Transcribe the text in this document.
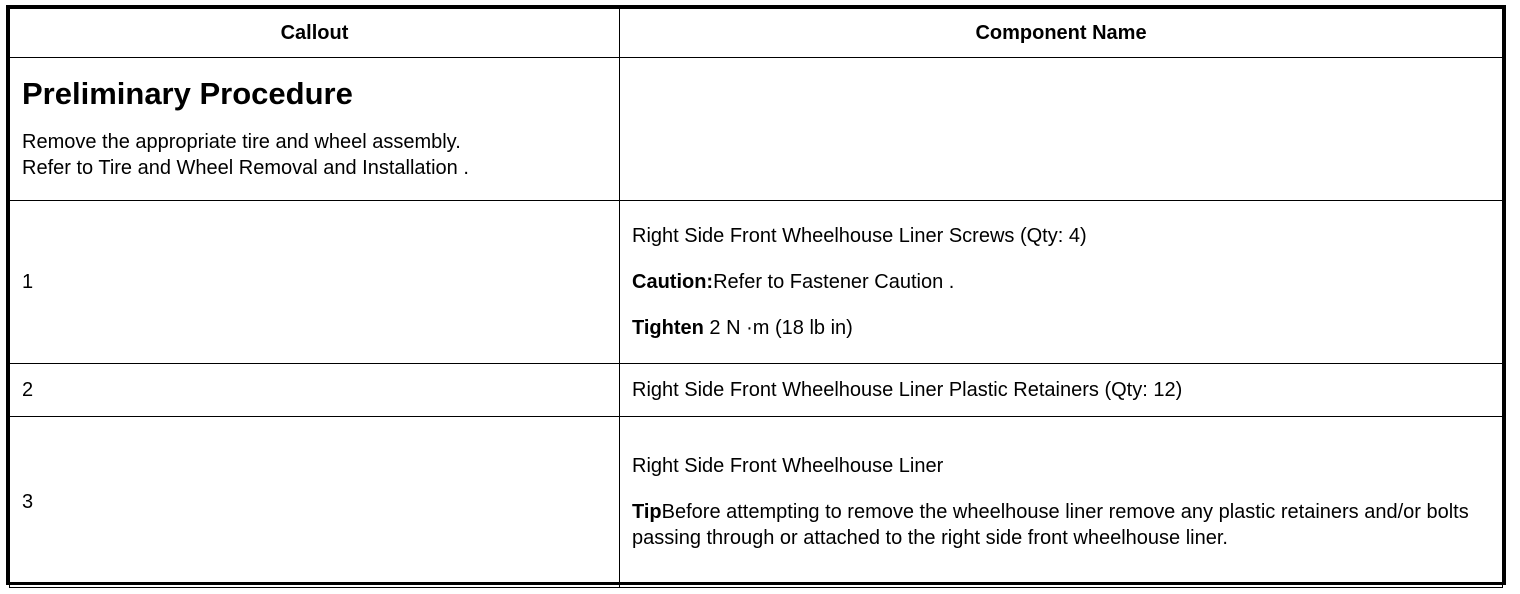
Callout	Component Name

Preliminary Procedure

Remove the appropriate tire and wheel assembly.

Refer to Tire and Wheel Removal and Installation .	

1	Right Side Front Wheelhouse Liner Screws (Qty: 4)

Caution:Refer to Fastener Caution .

Tighten 2 N ·m (18 lb in)

2	Right Side Front Wheelhouse Liner Plastic Retainers (Qty: 12)

3	Right Side Front Wheelhouse Liner

TipBefore attempting to remove the wheelhouse liner remove any plastic retainers and/or bolts passing through or attached to the right side front wheelhouse liner.
